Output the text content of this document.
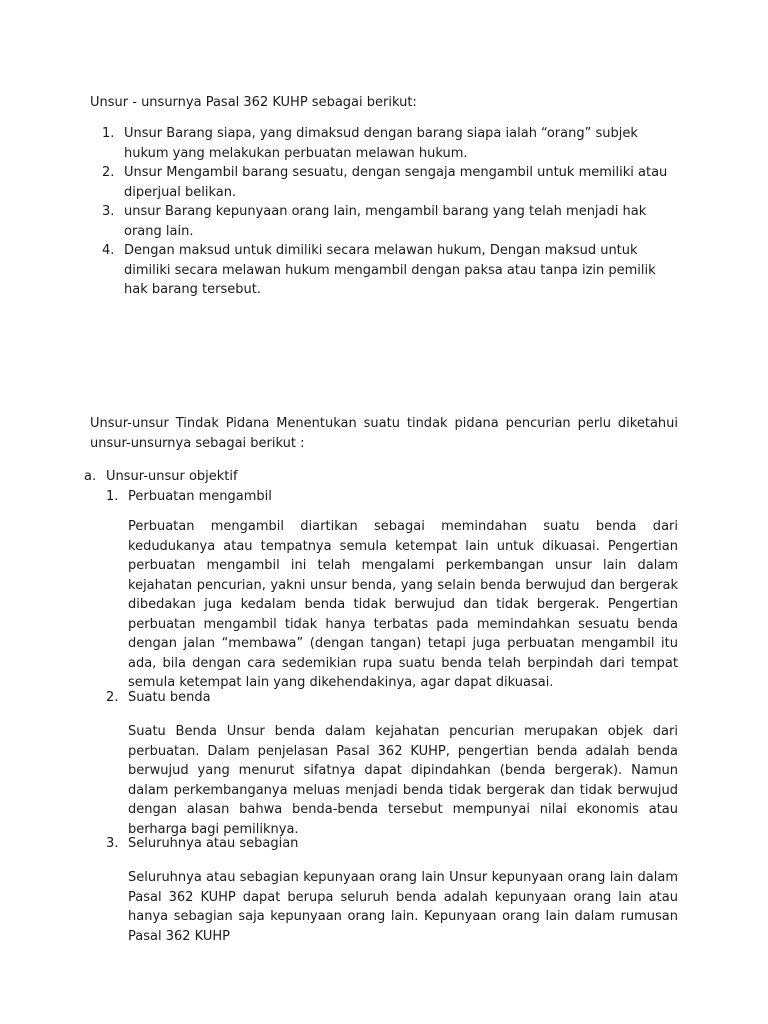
Unsur - unsurnya Pasal 362 KUHP sebagai berikut:

1. Unsur Barang siapa, yang dimaksud dengan barang siapa ialah “orang” subjek hukum yang melakukan perbuatan melawan hukum.
2. Unsur Mengambil barang sesuatu, dengan sengaja mengambil untuk memiliki atau diperjual belikan.
3. unsur Barang kepunyaan orang lain, mengambil barang yang telah menjadi hak orang lain.
4. Dengan maksud untuk dimiliki secara melawan hukum, Dengan maksud untuk dimiliki secara melawan hukum mengambil dengan paksa atau tanpa izin pemilik hak barang tersebut.

Unsur-unsur Tindak Pidana Menentukan suatu tindak pidana pencurian perlu diketahui unsur-unsurnya sebagai berikut :

a. Unsur-unsur objektif
1. Perbuatan mengambil

Perbuatan mengambil diartikan sebagai memindahan suatu benda dari kedudukanya atau tempatnya semula ketempat lain untuk dikuasai. Pengertian perbuatan mengambil ini telah mengalami perkembangan unsur lain dalam kejahatan pencurian, yakni unsur benda, yang selain benda berwujud dan bergerak dibedakan juga kedalam benda tidak berwujud dan tidak bergerak. Pengertian perbuatan mengambil tidak hanya terbatas pada memindahkan sesuatu benda dengan jalan “membawa” (dengan tangan) tetapi juga perbuatan mengambil itu ada, bila dengan cara sedemikian rupa suatu benda telah berpindah dari tempat semula ketempat lain yang dikehendakinya, agar dapat dikuasai.

2. Suatu benda

Suatu Benda Unsur benda dalam kejahatan pencurian merupakan objek dari perbuatan. Dalam penjelasan Pasal 362 KUHP, pengertian benda adalah benda berwujud yang menurut sifatnya dapat dipindahkan (benda bergerak). Namun dalam perkembanganya meluas menjadi benda tidak bergerak dan tidak berwujud dengan alasan bahwa benda-benda tersebut mempunyai nilai ekonomis atau berharga bagi pemiliknya.

3. Seluruhnya atau sebagian

Seluruhnya atau sebagian kepunyaan orang lain Unsur kepunyaan orang lain dalam Pasal 362 KUHP dapat berupa seluruh benda adalah kepunyaan orang lain atau hanya sebagian saja kepunyaan orang lain. Kepunyaan orang lain dalam rumusan Pasal 362 KUHP
